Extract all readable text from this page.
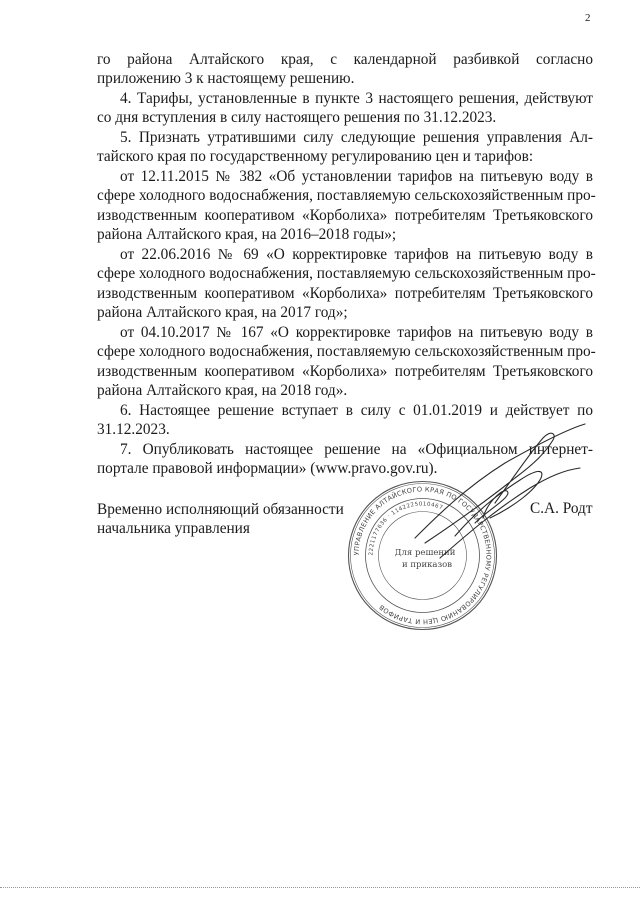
2
го района Алтайского края, с календарной разбивкой согласно
приложению 3 к настоящему решению.
4. Тарифы, установленные в пункте 3 настоящего решения, действуют
со дня вступления в силу настоящего решения по 31.12.2023.
5. Признать утратившими силу следующие решения управления Ал-
тайского края по государственному регулированию цен и тарифов:
от 12.11.2015 № 382 «Об установлении тарифов на питьевую воду в
сфере холодного водоснабжения, поставляемую сельскохозяйственным про-
изводственным кооперативом «Корболиха» потребителям Третьяковского
района Алтайского края, на 2016–2018 годы»;
от 22.06.2016 № 69 «О корректировке тарифов на питьевую воду в
сфере холодного водоснабжения, поставляемую сельскохозяйственным про-
изводственным кооперативом «Корболиха» потребителям Третьяковского
района Алтайского края, на 2017 год»;
от 04.10.2017 № 167 «О корректировке тарифов на питьевую воду в
сфере холодного водоснабжения, поставляемую сельскохозяйственным про-
изводственным кооперативом «Корболиха» потребителям Третьяковского
района Алтайского края, на 2018 год».
6. Настоящее решение вступает в силу с 01.01.2019 и действует по
31.12.2023.
7. Опубликовать настоящее решение на «Официальном интернет-
портале правовой информации» (www.pravo.gov.ru).
Временно исполняющий обязанности
начальника управления
УПРАВЛЕНИЕ АЛТАЙСКОГО КРАЯ ПО ГОСУДАРСТВЕННОМУ РЕГУЛИРОВАНИЮ ЦЕН И ТАРИФОВ
2221177636 · 1142225010467
Для решений
и приказов
С.А. Родт
